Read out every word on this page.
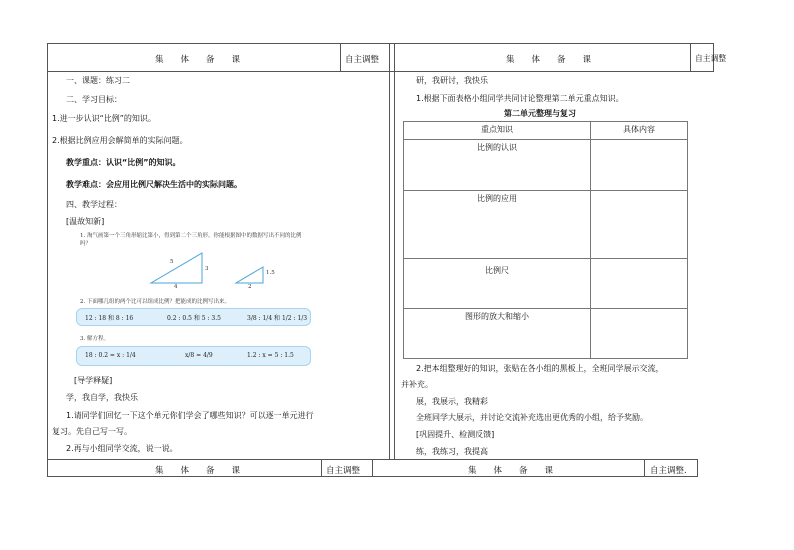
集　　体　　备　　课	自主调整	集　　体　　备　　课	自主调整
集　　体　　备　　课	自主调整	集　　体　　备　　课	自主调整.
一、课题：练习二
二、学习目标：
1.进一步认识“比例”的知识。
2.根据比例应用会解简单的实际问题。
教学重点：认识“比例”的知识。
教学难点：会应用比例尺解决生活中的实际问题。
四、教学过程：
[温故知新]
1. 淘气画第一个三角形缩比第小，得到第二个三角形。你能根据图中的数据写出不同的比例吗？
3
4
5
1.5
2
2. 下面哪几组的两个比可以组成比例？把能成的比例写出来。
12 : 18 和 8 : 16	0.2 : 0.5 和 5 : 3.5	3/8 : 1/4 和 1/2 : 1/3
3. 解方程。
18 : 0.2 = x : 1/4	x/8 = 4/9	1.2 : x = 5 : 1.5
[导学释疑]
学，我自学，我快乐
1.请同学们回忆一下这个单元你们学会了哪些知识？可以逐一单元进行
复习。先自己写一写。
2.再与小组同学交流，说一说。
研，我研讨，我快乐
1.根据下面表格小组同学共同讨论整理第二单元重点知识。
第二单元整理与复习
重点知识	具体内容
比例的认识	
比例的应用	
比例尺	
图形的放大和缩小	
2.把本组整理好的知识，张贴在各小组的黑板上，全班同学展示交流，
并补充。
展，我展示，我精彩
全班同学大展示，并讨论交流补充选出更优秀的小组，给予奖励。
[巩固提升、检测反馈]
练，我练习，我提高
